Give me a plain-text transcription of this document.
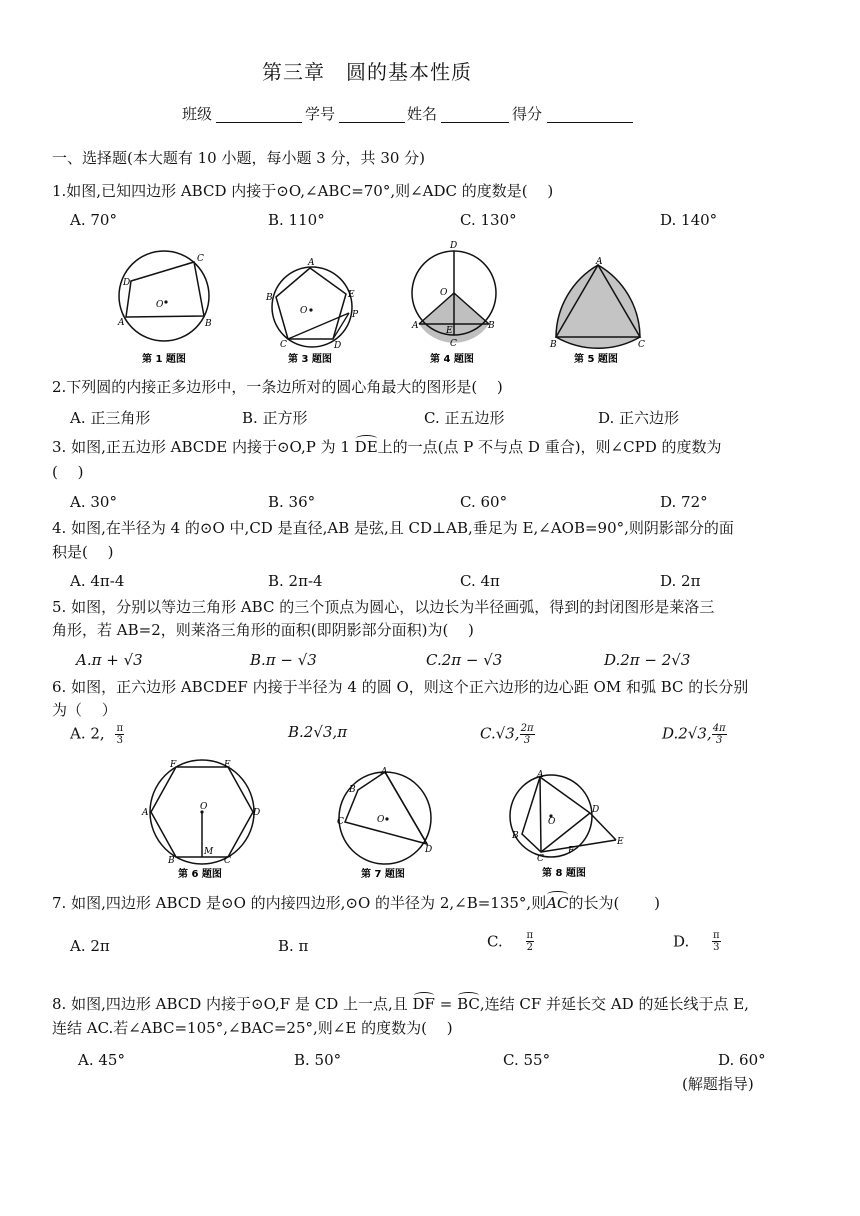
第三章　圆的基本性质
班级	学号	姓名	得分
一、选择题(本大题有 10 小题，每小题 3 分，共 30 分)
1.如图,已知四边形 ABCD 内接于⊙O,∠ABC=70°,则∠ADC 的度数是(　 )
A. 70°	B. 110°	C. 130°	D. 140°
D
C
O
A	B
第 1 题图
A
E
B
P
O
C	D
第 3 题图
D
O
A	B
E
C
第 4 题图
A
B	C
第 5 题图
2.下列圆的内接正多边形中，一条边所对的圆心角最大的图形是(　 )
A. 正三角形	B. 正方形	C. 正五边形	D. 正六边形
3. 如图,正五边形 ABCDE 内接于⊙O,P 为 1 DE上的一点(点 P 不与点 D 重合)，则∠CPD 的度数为
(　 )
A. 30°	B. 36°	C. 60°	D. 72°
4. 如图,在半径为 4 的⊙O 中,CD 是直径,AB 是弦,且 CD⊥AB,垂足为 E,∠AOB=90°,则阴影部分的面
积是(　 )
A. 4π-4	B. 2π-4	C. 4π	D. 2π
5. 如图，分别以等边三角形 ABC 的三个顶点为圆心，以边长为半径画弧，得到的封闭图形是莱洛三
角形，若 AB=2，则莱洛三角形的面积(即阴影部分面积)为(　 )
A.π + √3	B.π − √3	C.2π − √3	D.2π − 2√3
6. 如图，正六边形 ABCDEF 内接于半径为 4 的圆 O，则这个正六边形的边心距 OM 和弧 BC 的长分别
为（　 ）
A. 2, $\frac{\pi}{3}$	B.2√3,π	C.√3, $\frac{2\pi}{3}$	D.2√3, $\frac{4\pi}{3}$
F	E
A	D
O
B
M
C
第 6 题图
A
B
C	O
D
第 7 题图
A
D
O
B
E
F
C
第 8 题图
7. 如图,四边形 ABCD 是⊙O 的内接四边形,⊙O 的半径为 2,∠B=135°,则AC的长为(　 　)
A. 2π	B. π	C. $\frac{\pi}{2}$	D. $\frac{\pi}{3}$
8. 如图,四边形 ABCD 内接于⊙O,F 是 CD 上一点,且 DF = BC,连结 CF 并延长交 AD 的延长线于点 E,
连结 AC.若∠ABC=105°,∠BAC=25°,则∠E 的度数为(　 )
A. 45°	B. 50°	C. 55°	D. 60°
(解题指导)
